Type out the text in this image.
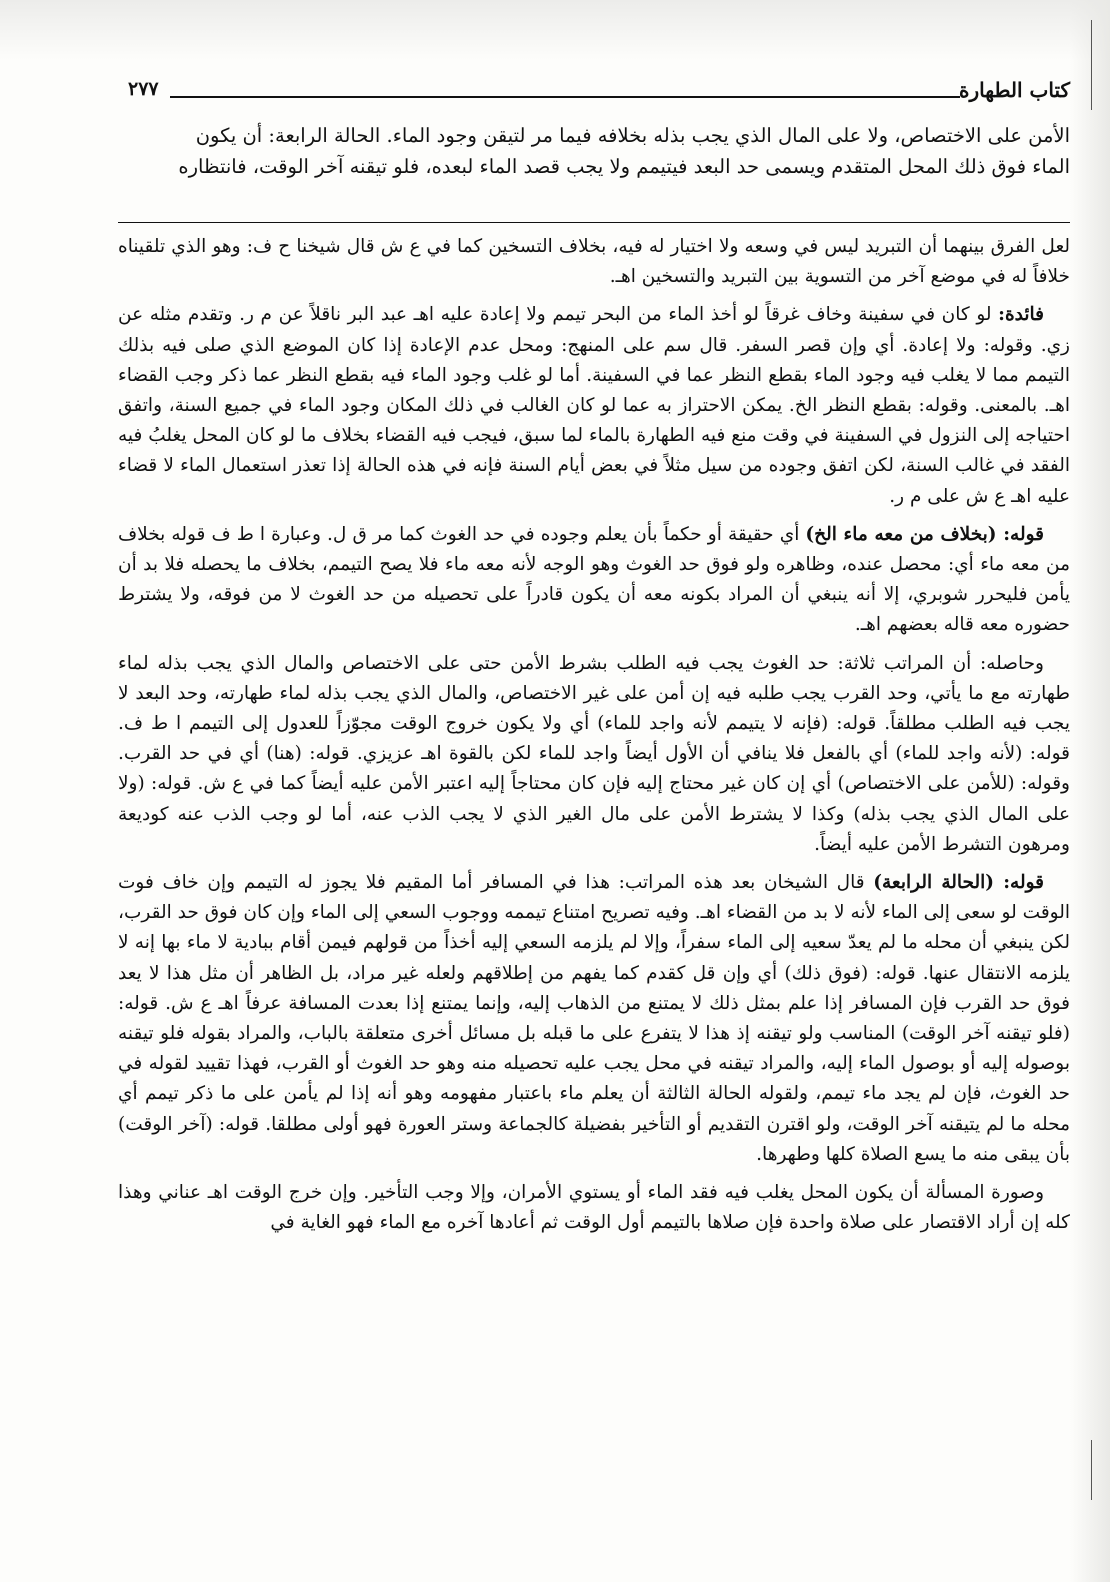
٢٧٧	كتاب الطهارة
الأمن على الاختصاص، ولا على المال الذي يجب بذله بخلافه فيما مر لتيقن وجود الماء. الحالة الرابعة: أن يكون
الماء فوق ذلك المحل المتقدم ويسمى حد البعد فيتيمم ولا يجب قصد الماء لبعده، فلو تيقنه آخر الوقت، فانتظاره

لعل الفرق بينهما أن التبريد ليس في وسعه ولا اختيار له فيه، بخلاف التسخين كما في ع ش قال شيخنا ح ف: وهو الذي تلقيناه خلافاً له في موضع آخر من التسوية بين التبريد والتسخين اهـ.

فائدة: لو كان في سفينة وخاف غرقاً لو أخذ الماء من البحر تيمم ولا إعادة عليه اهـ عبد البر ناقلاً عن م ر. وتقدم مثله عن زي. وقوله: ولا إعادة. أي وإن قصر السفر. قال سم على المنهج: ومحل عدم الإعادة إذا كان الموضع الذي صلى فيه بذلك التيمم مما لا يغلب فيه وجود الماء بقطع النظر عما في السفينة. أما لو غلب وجود الماء فيه بقطع النظر عما ذكر وجب القضاء اهـ. بالمعنى. وقوله: بقطع النظر الخ. يمكن الاحتراز به عما لو كان الغالب في ذلك المكان وجود الماء في جميع السنة، واتفق احتياجه إلى النزول في السفينة في وقت منع فيه الطهارة بالماء لما سبق، فيجب فيه القضاء بخلاف ما لو كان المحل يغلبُ فيه الفقد في غالب السنة، لكن اتفق وجوده من سيل مثلاً في بعض أيام السنة فإنه في هذه الحالة إذا تعذر استعمال الماء لا قضاء عليه اهـ ع ش على م ر.

قوله: (بخلاف من معه ماء الخ) أي حقيقة أو حكماً بأن يعلم وجوده في حد الغوث كما مر ق ل. وعبارة ا ط ف قوله بخلاف من معه ماء أي: محصل عنده، وظاهره ولو فوق حد الغوث وهو الوجه لأنه معه ماء فلا يصح التيمم، بخلاف ما يحصله فلا بد أن يأمن فليحرر شوبري، إلا أنه ينبغي أن المراد بكونه معه أن يكون قادراً على تحصيله من حد الغوث لا من فوقه، ولا يشترط حضوره معه قاله بعضهم اهـ.

وحاصله: أن المراتب ثلاثة: حد الغوث يجب فيه الطلب بشرط الأمن حتى على الاختصاص والمال الذي يجب بذله لماء طهارته مع ما يأتي، وحد القرب يجب طلبه فيه إن أمن على غير الاختصاص، والمال الذي يجب بذله لماء طهارته، وحد البعد لا يجب فيه الطلب مطلقاً. قوله: (فإنه لا يتيمم لأنه واجد للماء) أي ولا يكون خروج الوقت مجوّزاً للعدول إلى التيمم ا ط ف. قوله: (لأنه واجد للماء) أي بالفعل فلا ينافي أن الأول أيضاً واجد للماء لكن بالقوة اهـ عزيزي. قوله: (هنا) أي في حد القرب. وقوله: (للأمن على الاختصاص) أي إن كان غير محتاج إليه فإن كان محتاجاً إليه اعتبر الأمن عليه أيضاً كما في ع ش. قوله: (ولا على المال الذي يجب بذله) وكذا لا يشترط الأمن على مال الغير الذي لا يجب الذب عنه، أما لو وجب الذب عنه كوديعة ومرهون التشرط الأمن عليه أيضاً.

قوله: (الحالة الرابعة) قال الشيخان بعد هذه المراتب: هذا في المسافر أما المقيم فلا يجوز له التيمم وإن خاف فوت الوقت لو سعى إلى الماء لأنه لا بد من القضاء اهـ. وفيه تصريح امتناع تيممه ووجوب السعي إلى الماء وإن كان فوق حد القرب، لكن ينبغي أن محله ما لم يعدّ سعيه إلى الماء سفراً، وإلا لم يلزمه السعي إليه أخذاً من قولهم فيمن أقام ببادية لا ماء بها إنه لا يلزمه الانتقال عنها. قوله: (فوق ذلك) أي وإن قل كقدم كما يفهم من إطلاقهم ولعله غير مراد، بل الظاهر أن مثل هذا لا يعد فوق حد القرب فإن المسافر إذا علم بمثل ذلك لا يمتنع من الذهاب إليه، وإنما يمتنع إذا بعدت المسافة عرفاً اهـ ع ش. قوله: (فلو تيقنه آخر الوقت) المناسب ولو تيقنه إذ هذا لا يتفرع على ما قبله بل مسائل أخرى متعلقة بالباب، والمراد بقوله فلو تيقنه بوصوله إليه أو بوصول الماء إليه، والمراد تيقنه في محل يجب عليه تحصيله منه وهو حد الغوث أو القرب، فهذا تقييد لقوله في حد الغوث، فإن لم يجد ماء تيمم، ولقوله الحالة الثالثة أن يعلم ماء باعتبار مفهومه وهو أنه إذا لم يأمن على ما ذكر تيمم أي محله ما لم يتيقنه آخر الوقت، ولو اقترن التقديم أو التأخير بفضيلة كالجماعة وستر العورة فهو أولى مطلقا. قوله: (آخر الوقت) بأن يبقى منه ما يسع الصلاة كلها وطهرها.

وصورة المسألة أن يكون المحل يغلب فيه فقد الماء أو يستوي الأمران، وإلا وجب التأخير. وإن خرج الوقت اهـ عناني وهذا كله إن أراد الاقتصار على صلاة واحدة فإن صلاها بالتيمم أول الوقت ثم أعادها آخره مع الماء فهو الغاية في
